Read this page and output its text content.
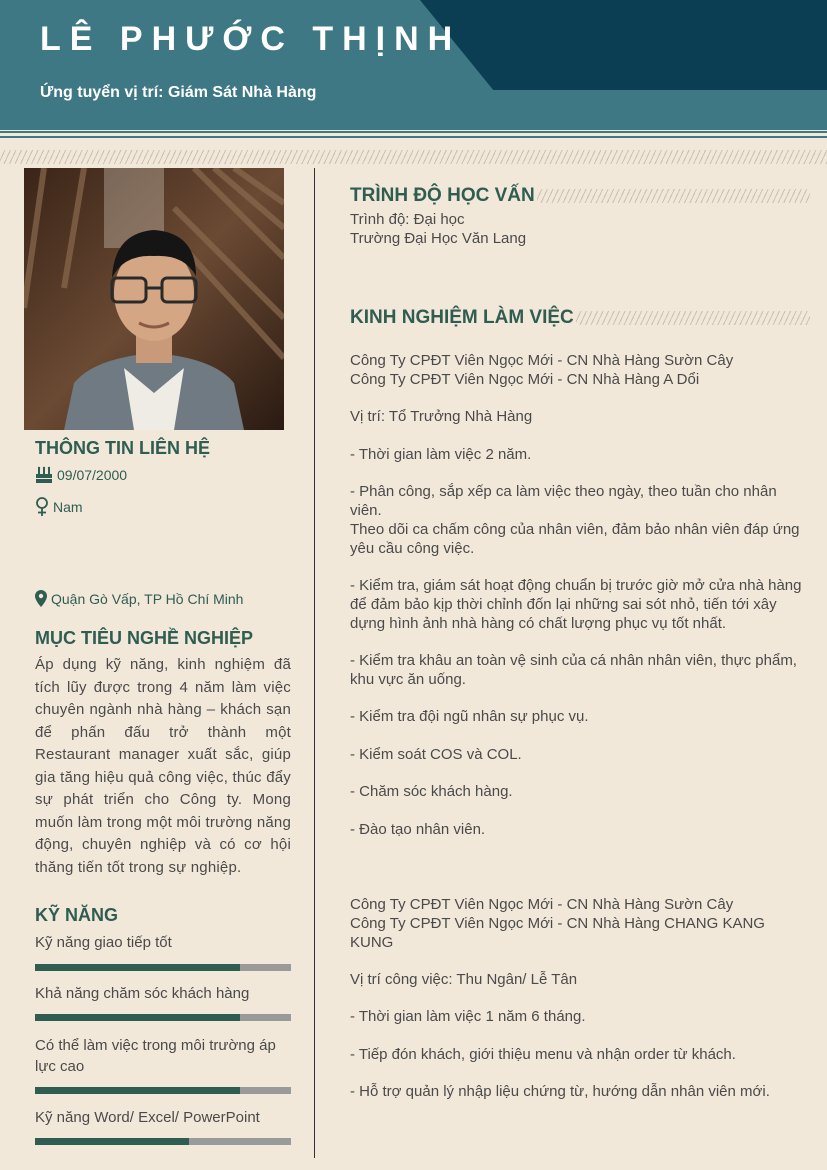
LÊ PHƯỚC THỊNH
Ứng tuyển vị trí: Giám Sát Nhà Hàng
THÔNG TIN LIÊN HỆ
09/07/2000
Nam
Quận Gò Vấp, TP Hồ Chí Minh
MỤC TIÊU NGHỀ NGHIỆP

Áp dụng kỹ năng, kinh nghiệm đã tích lũy được trong 4 năm làm việc chuyên ngành nhà hàng – khách sạn để phấn đấu trở thành một Restaurant manager xuất sắc, giúp gia tăng hiệu quả công việc, thúc đẩy sự phát triển cho Công ty. Mong muốn làm trong một môi trường năng động, chuyên nghiệp và có cơ hội thăng tiến tốt trong sự nghiệp.

KỸ NĂNG
Kỹ năng giao tiếp tốt
Khả năng chăm sóc khách hàng
Có thể làm việc trong môi trường áp lực cao
Kỹ năng Word/ Excel/ PowerPoint
TRÌNH ĐỘ HỌC VẤN
Trình độ: Đại học
Trường Đại Học Văn Lang
KINH NGHIỆM LÀM VIỆC
Công Ty CPĐT Viên Ngọc Mới - CN Nhà Hàng Sườn Cây
Công Ty CPĐT Viên Ngọc Mới - CN Nhà Hàng A Dổi
Vị trí: Tổ Trưởng Nhà Hàng
- Thời gian làm việc 2 năm.
- Phân công, sắp xếp ca làm việc theo ngày, theo tuần cho nhân viên.
Theo dõi ca chấm công của nhân viên, đảm bảo nhân viên đáp ứng yêu cầu công việc.
- Kiểm tra, giám sát hoạt động chuẩn bị trước giờ mở cửa nhà hàng để đảm bảo kịp thời chỉnh đốn lại những sai sót nhỏ, tiến tới xây dựng hình ảnh nhà hàng có chất lượng phục vụ tốt nhất.
- Kiểm tra khâu an toàn vệ sinh của cá nhân nhân viên, thực phẩm, khu vực ăn uống.
- Kiểm tra đội ngũ nhân sự phục vụ.
- Kiểm soát COS và COL.
- Chăm sóc khách hàng.
- Đào tạo nhân viên.
Công Ty CPĐT Viên Ngọc Mới - CN Nhà Hàng Sườn Cây
Công Ty CPĐT Viên Ngọc Mới - CN Nhà Hàng CHANG KANG KUNG
Vị trí công việc: Thu Ngân/ Lễ Tân
- Thời gian làm việc 1 năm 6 tháng.
- Tiếp đón khách, giới thiệu menu và nhận order từ khách.
- Hỗ trợ quản lý nhập liệu chứng từ, hướng dẫn nhân viên mới.
